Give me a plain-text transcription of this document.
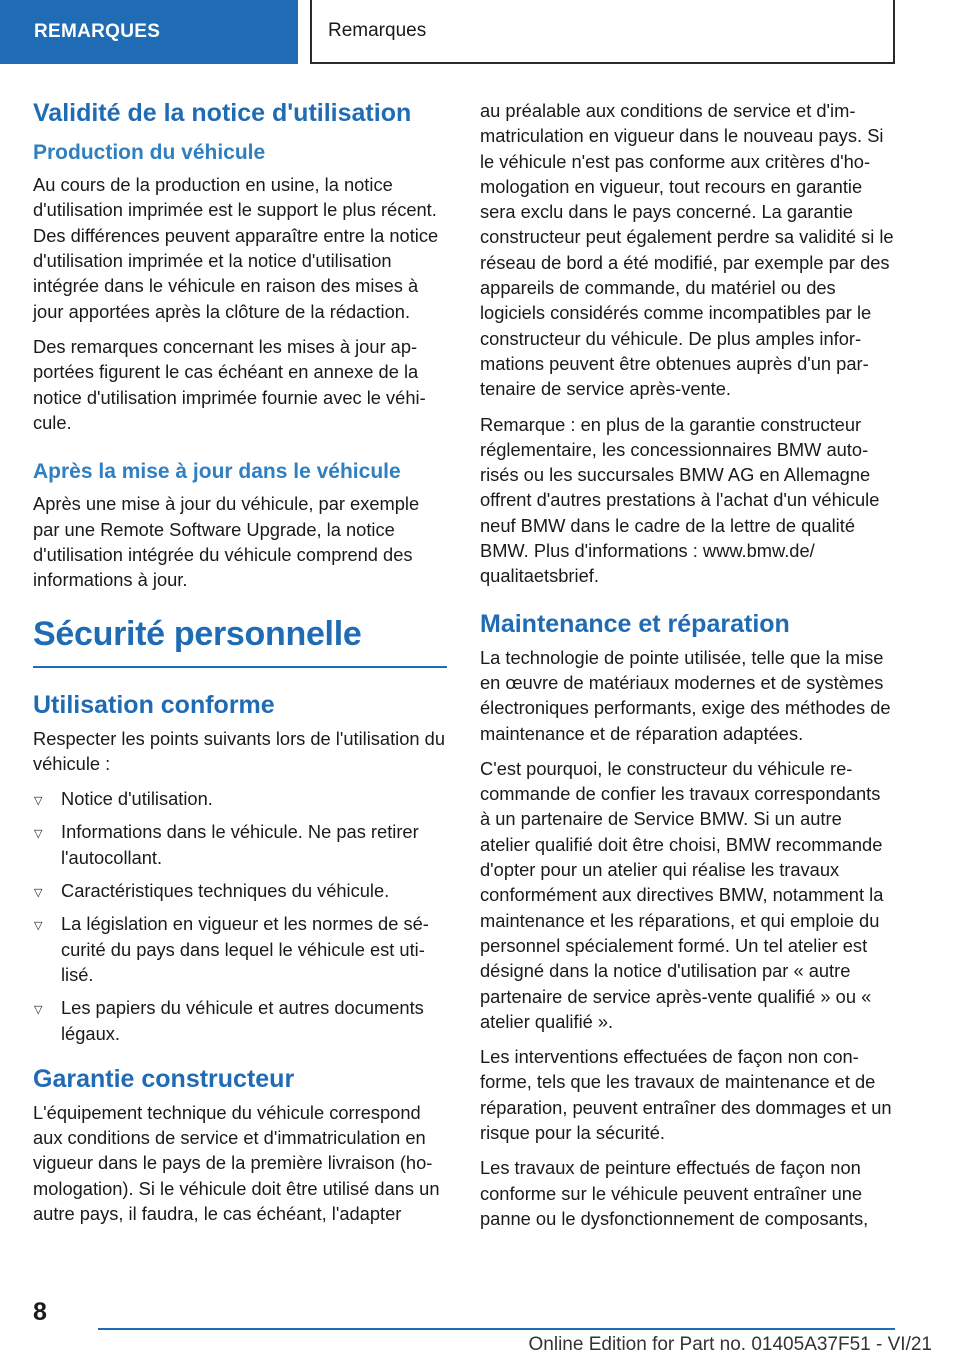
REMARQUES	Remarques
Validité de la notice d'utilisation
Production du véhicule

Au cours de la production en usine, la notice d'utilisation imprimée est le support le plus récent. Des différences peuvent apparaître entre la notice d'utilisation imprimée et la notice d'utilisation intégrée dans le véhicule en raison des mises à jour apportées après la clôture de la rédaction.

Des remarques concernant les mises à jour apportées figurent le cas échéant en annexe de la notice d'utilisation imprimée fournie avec le véhicule.

Après la mise à jour dans le véhicule

Après une mise à jour du véhicule, par exemple par une Remote Software Upgrade, la notice d'utilisation intégrée du véhicule comprend des informations à jour.

Sécurité personnelle
Utilisation conforme

Respecter les points suivants lors de l'utilisation du véhicule :

▽ Notice d'utilisation.
▽ Informations dans le véhicule. Ne pas retirer l'autocollant.
▽ Caractéristiques techniques du véhicule.
▽ La législation en vigueur et les normes de sécurité du pays dans lequel le véhicule est utilisé.
▽ Les papiers du véhicule et autres documents légaux.
Garantie constructeur

L'équipement technique du véhicule correspond aux conditions de service et d'immatriculation en vigueur dans le pays de la première livraison (homologation). Si le véhicule doit être utilisé dans un autre pays, il faudra, le cas échéant, l'adapter

au préalable aux conditions de service et d'immatriculation en vigueur dans le nouveau pays. Si le véhicule n'est pas conforme aux critères d'homologation en vigueur, tout recours en garantie sera exclu dans le pays concerné. La garantie constructeur peut également perdre sa validité si le réseau de bord a été modifié, par exemple par des appareils de commande, du matériel ou des logiciels considérés comme incompatibles par le constructeur du véhicule. De plus amples informations peuvent être obtenues auprès d'un partenaire de service après-vente.

Remarque : en plus de la garantie constructeur réglementaire, les concessionnaires BMW autorisés ou les succursales BMW AG en Allemagne offrent d'autres prestations à l'achat d'un véhicule neuf BMW dans le cadre de la lettre de qualité BMW. Plus d'informations : www.bmw.de/ qualitaetsbrief.

Maintenance et réparation

La technologie de pointe utilisée, telle que la mise en œuvre de matériaux modernes et de systèmes électroniques performants, exige des méthodes de maintenance et de réparation adaptées.

C'est pourquoi, le constructeur du véhicule recommande de confier les travaux correspondants à un partenaire de Service BMW. Si un autre atelier qualifié doit être choisi, BMW recommande d'opter pour un atelier qui réalise les travaux conformément aux directives BMW, notamment la maintenance et les réparations, et qui emploie du personnel spécialement formé. Un tel atelier est désigné dans la notice d'utilisation par « autre partenaire de service après-vente qualifié » ou « atelier qualifié ».

Les interventions effectuées de façon non conforme, tels que les travaux de maintenance et de réparation, peuvent entraîner des dommages et un risque pour la sécurité.

Les travaux de peinture effectués de façon non conforme sur le véhicule peuvent entraîner une panne ou le dysfonctionnement de composants,

8
Online Edition for Part no. 01405A37F51 - VI/21
